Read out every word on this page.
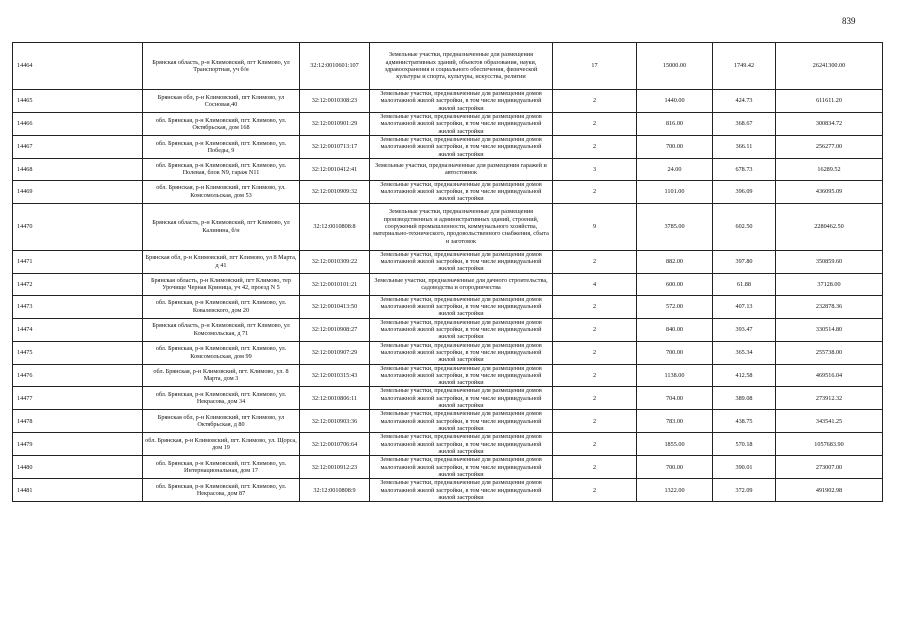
839
14464	Брянская область, р-н Климовский, пгт Климово, ул Транспортная, уч б/н	32:12:0010601:107	Земельные участки, предназначенные для размещения административных зданий, объектов образования, науки, здравоохранения и социального обеспечения, физической культуры и спорта, культуры, искусства, религии	17	15000.00	1749.42	26241300.00
14465	Брянская обл, р-н Климовский, пгт Климово, ул Сосновая,40	32:12:0010308:23	Земельные участки, предназначенные для размещения домов малоэтажной жилой застройки, в том числе индивидуальной жилой застройки	2	1440.00	424.73	611611.20
14466	обл. Брянская, р-н Климовский, пгт. Климово, ул. Октябрьская, дом 168	32:12:0010901:29	Земельные участки, предназначенные для размещения домов малоэтажной жилой застройки, в том числе индивидуальной жилой застройки	2	816.00	368.67	300834.72
14467	обл. Брянская, р-н Климовский, пгт. Климово, ул. Победы, 9	32:12:0010713:17	Земельные участки, предназначенные для размещения домов малоэтажной жилой застройки, в том числе индивидуальной жилой застройки	2	700.00	366.11	256277.00
14468	обл. Брянская, р-н Климовский, пгт. Климово, ул. Полевая, блок N9, гараж N11	32:12:0010412:41	Земельные участки, предназначенные для размещения гаражей и автостоянок	3	24.00	678.73	16289.52
14469	обл. Брянская, р-н Климовский, пгт Климово, ул. Комсомольская, дом 53	32:12:0010909:32	Земельные участки, предназначенные для размещения домов малоэтажной жилой застройки, в том числе индивидуальной жилой застройки	2	1101.00	396.09	436095.09
14470	Брянская область, р-н Климовский, пгт Климово, ул Калинина, б/н	32:12:0010808:8	Земельные участки, предназначенные для размещения производственных и административных зданий, строений, сооружений промышленности, коммунального хозяйства, материально-технического, продовольственного снабжения, сбыта и заготовок	9	3785.00	602.50	2280462.50
14471	Брянская обл, р-н Климовский, пгт Климово, ул 8 Марта, д 41	32:12:0010309:22	Земельные участки, предназначенные для размещения домов малоэтажной жилой застройки, в том числе индивидуальной жилой застройки	2	882.00	397.80	350859.60
14472	Брянская область, р-н Климовский, пгт Климово, тер Урочище Черная Криница, уч 42, проезд N 5	32:12:0010101:21	Земельные участки, предназначенные для дачного строительства, садоводства и огородничества	4	600.00	61.88	37128.00
14473	обл. Брянская, р-н Климовский, пгт. Климово, ул. Ковалевского, дом 20	32:12:0010413:50	Земельные участки, предназначенные для размещения домов малоэтажной жилой застройки, в том числе индивидуальной жилой застройки	2	572.00	407.13	232878.36
14474	Брянская область, р-н Климовский, пгт Климово, ул Комсомольская, д 71	32:12:0010908:27	Земельные участки, предназначенные для размещения домов малоэтажной жилой застройки, в том числе индивидуальной жилой застройки	2	840.00	393.47	330514.80
14475	обл. Брянская, р-н Климовский, пгт. Климово, ул. Комсомольская, дом 99	32:12:0010907:29	Земельные участки, предназначенные для размещения домов малоэтажной жилой застройки, в том числе индивидуальной жилой застройки	2	700.00	365.34	255738.00
14476	обл. Брянская, р-н Климовский, пгт. Климово, ул. 8 Марта, дом 3	32:12:0010315:43	Земельные участки, предназначенные для размещения домов малоэтажной жилой застройки, в том числе индивидуальной жилой застройки	2	1138.00	412.58	469516.04
14477	обл. Брянская, р-н Климовский, пгт. Климово, ул. Некрасова, дом 34	32:12:0010806:11	Земельные участки, предназначенные для размещения домов малоэтажной жилой застройки, в том числе индивидуальной жилой застройки	2	704.00	389.08	273912.32
14478	Брянская обл, р-н Климовский, пгт Климово, ул Октябрьская, д 80	32:12:0010903:36	Земельные участки, предназначенные для размещения домов малоэтажной жилой застройки, в том числе индивидуальной жилой застройки	2	783.00	438.75	343541.25
14479	обл. Брянская, р-н Климовский, пгт. Климово, ул. Щорса, дом 19	32:12:0010706:64	Земельные участки, предназначенные для размещения домов малоэтажной жилой застройки, в том числе индивидуальной жилой застройки	2	1855.00	570.18	1057683.90
14480	обл. Брянская, р-н Климовский, пгт. Климово, ул. Интернациональная, дом 17	32:12:0010912:23	Земельные участки, предназначенные для размещения домов малоэтажной жилой застройки, в том числе индивидуальной жилой застройки	2	700.00	390.01	273007.00
14481	обл. Брянская, р-н Климовский, пгт. Климово, ул. Некрасова, дом 87	32:12:0010808:9	Земельные участки, предназначенные для размещения домов малоэтажной жилой застройки, в том числе индивидуальной жилой застройки	2	1322.00	372.09	491902.98
